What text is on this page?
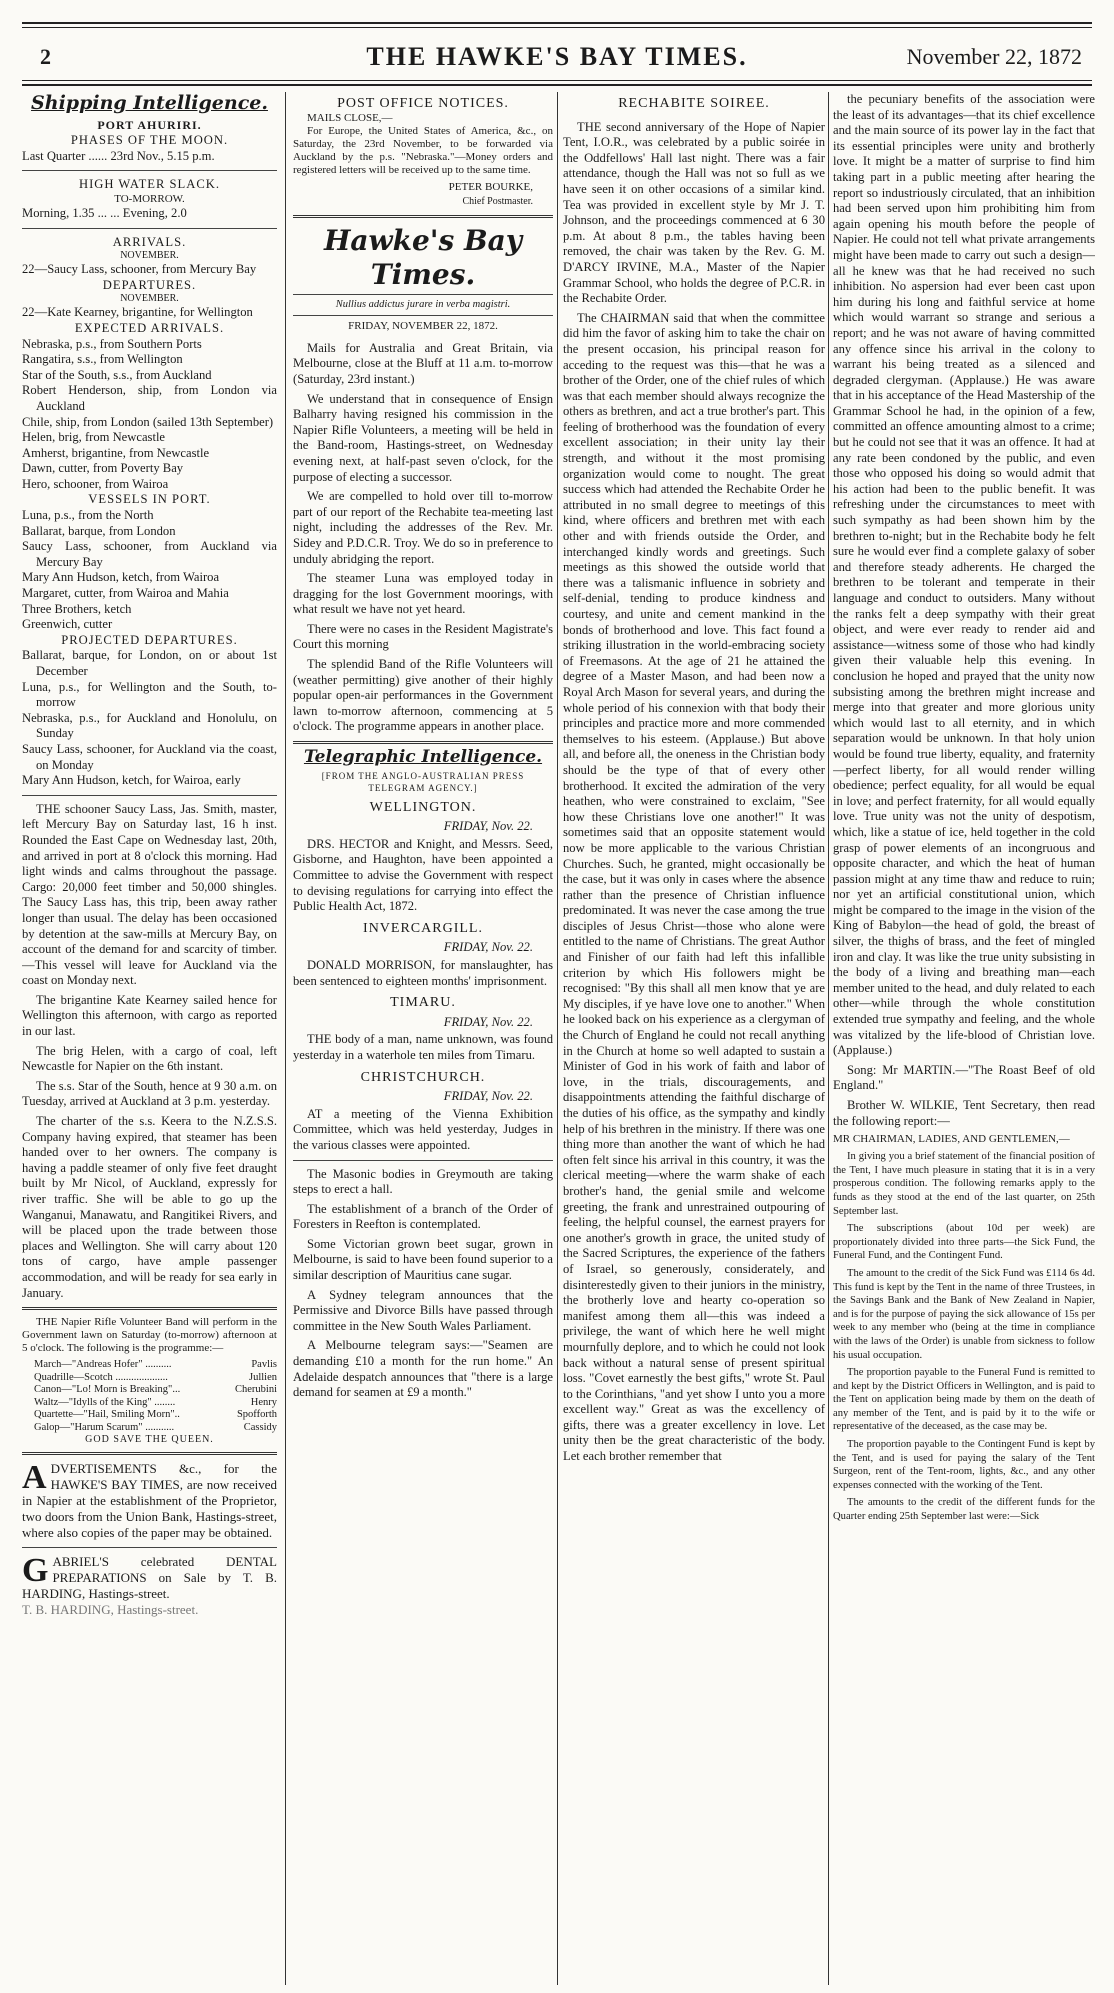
2	THE HAWKE'S BAY TIMES.	November 22, 1872
Shipping Intelligence.
PORT AHURIRI.
PHASES OF THE MOON.
Last Quarter ...... 23rd Nov., 5.15 p.m.
HIGH WATER SLACK.
TO-MORROW.
Morning, 1.35 ... ... Evening, 2.0
ARRIVALS.
NOVEMBER.
22—Saucy Lass, schooner, from Mercury Bay
DEPARTURES.
NOVEMBER.
22—Kate Kearney, brigantine, for Wellington
EXPECTED ARRIVALS.
Nebraska, p.s., from Southern Ports
Rangatira, s.s., from Wellington
Star of the South, s.s., from Auckland
Robert Henderson, ship, from London via Auckland
Chile, ship, from London (sailed 13th September)
Helen, brig, from Newcastle
Amherst, brigantine, from Newcastle
Dawn, cutter, from Poverty Bay
Hero, schooner, from Wairoa
VESSELS IN PORT.
Luna, p.s., from the North
Ballarat, barque, from London
Saucy Lass, schooner, from Auckland via Mercury Bay
Mary Ann Hudson, ketch, from Wairoa
Margaret, cutter, from Wairoa and Mahia
Three Brothers, ketch
Greenwich, cutter
PROJECTED DEPARTURES.
Ballarat, barque, for London, on or about 1st December
Luna, p.s., for Wellington and the South, to-morrow
Nebraska, p.s., for Auckland and Honolulu, on Sunday
Saucy Lass, schooner, for Auckland via the coast, on Monday
Mary Ann Hudson, ketch, for Wairoa, early

THE schooner Saucy Lass, Jas. Smith, master, left Mercury Bay on Saturday last, 16 h inst. Rounded the East Cape on Wednesday last, 20th, and arrived in port at 8 o'clock this morning. Had light winds and calms throughout the passage. Cargo: 20,000 feet timber and 50,000 shingles. The Saucy Lass has, this trip, been away rather longer than usual. The delay has been occasioned by detention at the saw-mills at Mercury Bay, on account of the demand for and scarcity of timber.—This vessel will leave for Auckland via the coast on Monday next.

The brigantine Kate Kearney sailed hence for Wellington this afternoon, with cargo as reported in our last.

The brig Helen, with a cargo of coal, left Newcastle for Napier on the 6th instant.

The s.s. Star of the South, hence at 9 30 a.m. on Tuesday, arrived at Auckland at 3 p.m. yesterday.

The charter of the s.s. Keera to the N.Z.S.S. Company having expired, that steamer has been handed over to her owners. The company is having a paddle steamer of only five feet draught built by Mr Nicol, of Auckland, expressly for river traffic. She will be able to go up the Wanganui, Manawatu, and Rangitikei Rivers, and will be placed upon the trade between those places and Wellington. She will carry about 120 tons of cargo, have ample passenger accommodation, and will be ready for sea early in January.

THE Napier Rifle Volunteer Band will perform in the Government lawn on Saturday (to-morrow) afternoon at 5 o'clock. The following is the programme:—

March—"Andreas Hofer" ..........	Pavlis
Quadrille—Scotch ....................	Jullien
Canon—"Lo! Morn is Breaking"...	Cherubini
Waltz—"Idylls of the King" ........	Henry
Quartette—"Hail, Smiling Morn"..	Spofforth
Galop—"Harum Scarum" ...........	Cassidy
GOD SAVE THE QUEEN.
ADVERTISEMENTS &c., for the HAWKE'S BAY TIMES, are now received in Napier at the establishment of the Proprietor, two doors from the Union Bank, Hastings-street, where also copies of the paper may be obtained.
GABRIEL'S celebrated DENTAL PREPARATIONS on Sale by T. B. HARDING, Hastings-street.
T. B. HARDING, Hastings-street.
POST OFFICE NOTICES.
MAILS CLOSE,—

For Europe, the United States of America, &c., on Saturday, the 23rd November, to be forwarded via Auckland by the p.s. "Nebraska."—Money orders and registered letters will be received up to the same time.

PETER BOURKE,
Chief Postmaster.
Hawke's Bay Times.
Nullius addictus jurare in verba magistri.
FRIDAY, NOVEMBER 22, 1872.

Mails for Australia and Great Britain, via Melbourne, close at the Bluff at 11 a.m. to-morrow (Saturday, 23rd instant.)

We understand that in consequence of Ensign Balharry having resigned his commission in the Napier Rifle Volunteers, a meeting will be held in the Band-room, Hastings-street, on Wednesday evening next, at half-past seven o'clock, for the purpose of electing a successor.

We are compelled to hold over till to-morrow part of our report of the Rechabite tea-meeting last night, including the addresses of the Rev. Mr. Sidey and P.D.C.R. Troy. We do so in preference to unduly abridging the report.

The steamer Luna was employed today in dragging for the lost Government moorings, with what result we have not yet heard.

There were no cases in the Resident Magistrate's Court this morning

The splendid Band of the Rifle Volunteers will (weather permitting) give another of their highly popular open-air performances in the Government lawn to-morrow afternoon, commencing at 5 o'clock. The programme appears in another place.

Telegraphic Intelligence.
[FROM THE ANGLO-AUSTRALIAN PRESS TELEGRAM AGENCY.]
WELLINGTON.
FRIDAY, Nov. 22.

DRS. HECTOR and Knight, and Messrs. Seed, Gisborne, and Haughton, have been appointed a Committee to advise the Government with respect to devising regulations for carrying into effect the Public Health Act, 1872.

INVERCARGILL.
FRIDAY, Nov. 22.

DONALD MORRISON, for manslaughter, has been sentenced to eighteen months' imprisonment.

TIMARU.
FRIDAY, Nov. 22.

THE body of a man, name unknown, was found yesterday in a waterhole ten miles from Timaru.

CHRISTCHURCH.
FRIDAY, Nov. 22.

AT a meeting of the Vienna Exhibition Committee, which was held yesterday, Judges in the various classes were appointed.

The Masonic bodies in Greymouth are taking steps to erect a hall.

The establishment of a branch of the Order of Foresters in Reefton is contemplated.

Some Victorian grown beet sugar, grown in Melbourne, is said to have been found superior to a similar description of Mauritius cane sugar.

A Sydney telegram announces that the Permissive and Divorce Bills have passed through committee in the New South Wales Parliament.

A Melbourne telegram says:—"Seamen are demanding £10 a month for the run home." An Adelaide despatch announces that "there is a large demand for seamen at £9 a month."

RECHABITE SOIREE.

THE second anniversary of the Hope of Napier Tent, I.O.R., was celebrated by a public soirée in the Oddfellows' Hall last night. There was a fair attendance, though the Hall was not so full as we have seen it on other occasions of a similar kind. Tea was provided in excellent style by Mr J. T. Johnson, and the proceedings commenced at 6 30 p.m. At about 8 p.m., the tables having been removed, the chair was taken by the Rev. G. M. D'ARCY IRVINE, M.A., Master of the Napier Grammar School, who holds the degree of P.C.R. in the Rechabite Order.

The CHAIRMAN said that when the committee did him the favor of asking him to take the chair on the present occasion, his principal reason for acceding to the request was this—that he was a brother of the Order, one of the chief rules of which was that each member should always recognize the others as brethren, and act a true brother's part. This feeling of brotherhood was the foundation of every excellent association; in their unity lay their strength, and without it the most promising organization would come to nought. The great success which had attended the Rechabite Order he attributed in no small degree to meetings of this kind, where officers and brethren met with each other and with friends outside the Order, and interchanged kindly words and greetings. Such meetings as this showed the outside world that there was a talismanic influence in sobriety and self-denial, tending to produce kindness and courtesy, and unite and cement mankind in the bonds of brotherhood and love. This fact found a striking illustration in the world-embracing society of Freemasons. At the age of 21 he attained the degree of a Master Mason, and had been now a Royal Arch Mason for several years, and during the whole period of his connexion with that body their principles and practice more and more commended themselves to his esteem. (Applause.) But above all, and before all, the oneness in the Christian body should be the type of that of every other brotherhood. It excited the admiration of the very heathen, who were constrained to exclaim, "See how these Christians love one another!" It was sometimes said that an opposite statement would now be more applicable to the various Christian Churches. Such, he granted, might occasionally be the case, but it was only in cases where the absence rather than the presence of Christian influence predominated. It was never the case among the true disciples of Jesus Christ—those who alone were entitled to the name of Christians. The great Author and Finisher of our faith had left this infallible criterion by which His followers might be recognised: "By this shall all men know that ye are My disciples, if ye have love one to another." When he looked back on his experience as a clergyman of the Church of England he could not recall anything in the Church at home so well adapted to sustain a Minister of God in his work of faith and labor of love, in the trials, discouragements, and disappointments attending the faithful discharge of the duties of his office, as the sympathy and kindly help of his brethren in the ministry. If there was one thing more than another the want of which he had often felt since his arrival in this country, it was the clerical meeting—where the warm shake of each brother's hand, the genial smile and welcome greeting, the frank and unrestrained outpouring of feeling, the helpful counsel, the earnest prayers for one another's growth in grace, the united study of the Sacred Scriptures, the experience of the fathers of Israel, so generously, considerately, and disinterestedly given to their juniors in the ministry, the brotherly love and hearty co-operation so manifest among them all—this was indeed a privilege, the want of which here he well might mournfully deplore, and to which he could not look back without a natural sense of present spiritual loss. "Covet earnestly the best gifts," wrote St. Paul to the Corinthians, "and yet show I unto you a more excellent way." Great as was the excellency of gifts, there was a greater excellency in love. Let unity then be the great characteristic of the body. Let each brother remember that

the pecuniary benefits of the association were the least of its advantages—that its chief excellence and the main source of its power lay in the fact that its essential principles were unity and brotherly love. It might be a matter of surprise to find him taking part in a public meeting after hearing the report so industriously circulated, that an inhibition had been served upon him prohibiting him from again opening his mouth before the people of Napier. He could not tell what private arrangements might have been made to carry out such a design—all he knew was that he had received no such inhibition. No aspersion had ever been cast upon him during his long and faithful service at home which would warrant so strange and serious a report; and he was not aware of having committed any offence since his arrival in the colony to warrant his being treated as a silenced and degraded clergyman. (Applause.) He was aware that in his acceptance of the Head Mastership of the Grammar School he had, in the opinion of a few, committed an offence amounting almost to a crime; but he could not see that it was an offence. It had at any rate been condoned by the public, and even those who opposed his doing so would admit that his action had been to the public benefit. It was refreshing under the circumstances to meet with such sympathy as had been shown him by the brethren to-night; but in the Rechabite body he felt sure he would ever find a complete galaxy of sober and therefore steady adherents. He charged the brethren to be tolerant and temperate in their language and conduct to outsiders. Many without the ranks felt a deep sympathy with their great object, and were ever ready to render aid and assistance—witness some of those who had kindly given their valuable help this evening. In conclusion he hoped and prayed that the unity now subsisting among the brethren might increase and merge into that greater and more glorious unity which would last to all eternity, and in which separation would be unknown. In that holy union would be found true liberty, equality, and fraternity—perfect liberty, for all would render willing obedience; perfect equality, for all would be equal in love; and perfect fraternity, for all would equally love. True unity was not the unity of despotism, which, like a statue of ice, held together in the cold grasp of power elements of an incongruous and opposite character, and which the heat of human passion might at any time thaw and reduce to ruin; nor yet an artificial constitutional union, which might be compared to the image in the vision of the King of Babylon—the head of gold, the breast of silver, the thighs of brass, and the feet of mingled iron and clay. It was like the true unity subsisting in the body of a living and breathing man—each member united to the head, and duly related to each other—while through the whole constitution extended true sympathy and feeling, and the whole was vitalized by the life-blood of Christian love. (Applause.)

Song: Mr MARTIN.—"The Roast Beef of old England."

Brother W. WILKIE, Tent Secretary, then read the following report:—

MR CHAIRMAN, LADIES, AND GENTLEMEN,—

In giving you a brief statement of the financial position of the Tent, I have much pleasure in stating that it is in a very prosperous condition. The following remarks apply to the funds as they stood at the end of the last quarter, on 25th September last.

The subscriptions (about 10d per week) are proportionately divided into three parts—the Sick Fund, the Funeral Fund, and the Contingent Fund.

The amount to the credit of the Sick Fund was £114 6s 4d. This fund is kept by the Tent in the name of three Trustees, in the Savings Bank and the Bank of New Zealand in Napier, and is for the purpose of paying the sick allowance of 15s per week to any member who (being at the time in compliance with the laws of the Order) is unable from sickness to follow his usual occupation.

The proportion payable to the Funeral Fund is remitted to and kept by the District Officers in Wellington, and is paid to the Tent on application being made by them on the death of any member of the Tent, and is paid by it to the wife or representative of the deceased, as the case may be.

The proportion payable to the Contingent Fund is kept by the Tent, and is used for paying the salary of the Tent Surgeon, rent of the Tent-room, lights, &c., and any other expenses connected with the working of the Tent.

The amounts to the credit of the different funds for the Quarter ending 25th September last were:—Sick
